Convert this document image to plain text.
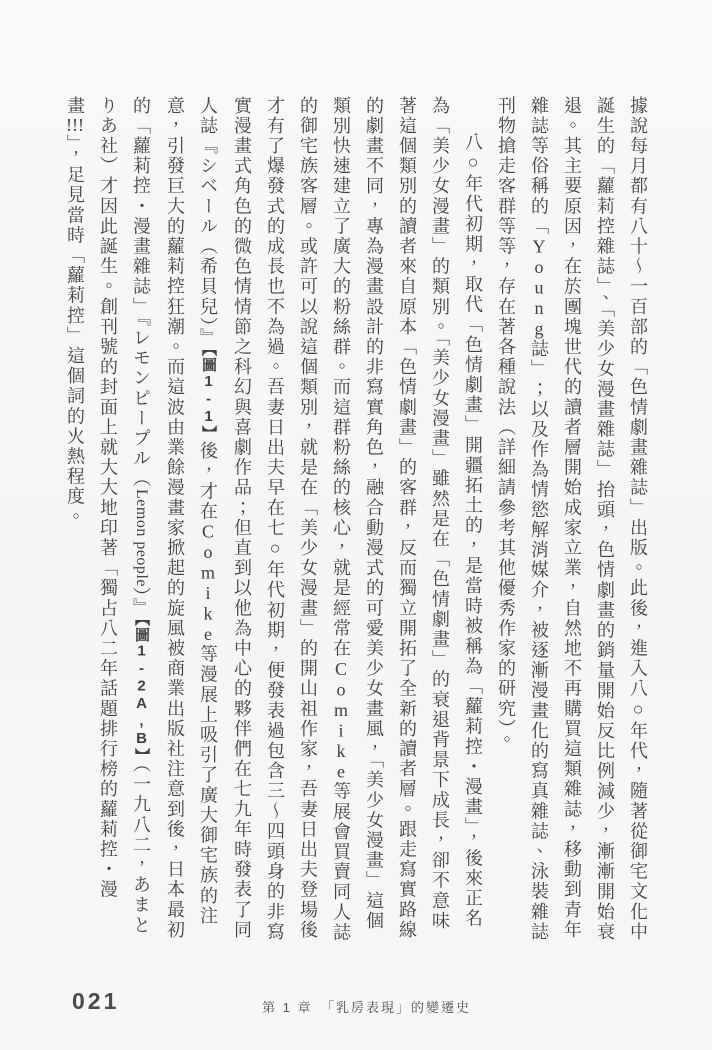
據說每月都有八十～一百部的「色情劇畫雜誌」出版。此後，進入八○年代，隨著從御宅文化中誕生的「蘿莉控雜誌」、「美少女漫畫雜誌」抬頭，色情劇畫的銷量開始反比例減少，漸漸開始衰退。其主要原因，在於團塊世代的讀者層開始成家立業，自然地不再購買這類雜誌，移動到青年雜誌等俗稱的「Young誌」；以及作為情慾解消媒介，被逐漸漫畫化的寫真雜誌、泳裝雜誌刊物搶走客群等等，存在著各種說法（詳細請參考其他優秀作家的研究）。

八○年代初期，取代「色情劇畫」開疆拓土的，是當時被稱為「蘿莉控・漫畫」，後來正名為「美少女漫畫」的類別。「美少女漫畫」雖然是在「色情劇畫」的衰退背景下成長，卻不意味著這個類別的讀者來自原本「色情劇畫」的客群，反而獨立開拓了全新的讀者層。跟走寫實路線的劇畫不同，專為漫畫設計的非寫實角色，融合動漫式的可愛美少女畫風，「美少女漫畫」這個類別快速建立了廣大的粉絲群。而這群粉絲的核心，就是經常在Comike等展會買賣同人誌的御宅族客層。或許可以說這個類別，就是在「美少女漫畫」的開山祖作家，吾妻日出夫登場後才有了爆發式的成長也不為過。吾妻日出夫早在七○年代初期，便發表過包含三～四頭身的非寫實漫畫式角色的微色情情節之科幻與喜劇作品；但直到以他為中心的夥伴們在七九年時發表了同人誌『シベール（希貝兒）』【圖1-1】後，才在Comike等漫展上吸引了廣大御宅族的注意，引發巨大的蘿莉控狂潮。而這波由業餘漫畫家掀起的旋風被商業出版社注意到後，日本最初的「蘿莉控・漫畫雜誌」『レモンピープル（Lemon people）』【圖1-2A,B】（一九八二，あまとりあ社）才因此誕生。創刊號的封面上就大大地印著「獨占八二年話題排行榜的蘿莉控・漫畫!!!」，足見當時「蘿莉控」這個詞的火熱程度。

021	第 1 章　「乳房表現」的變遷史
